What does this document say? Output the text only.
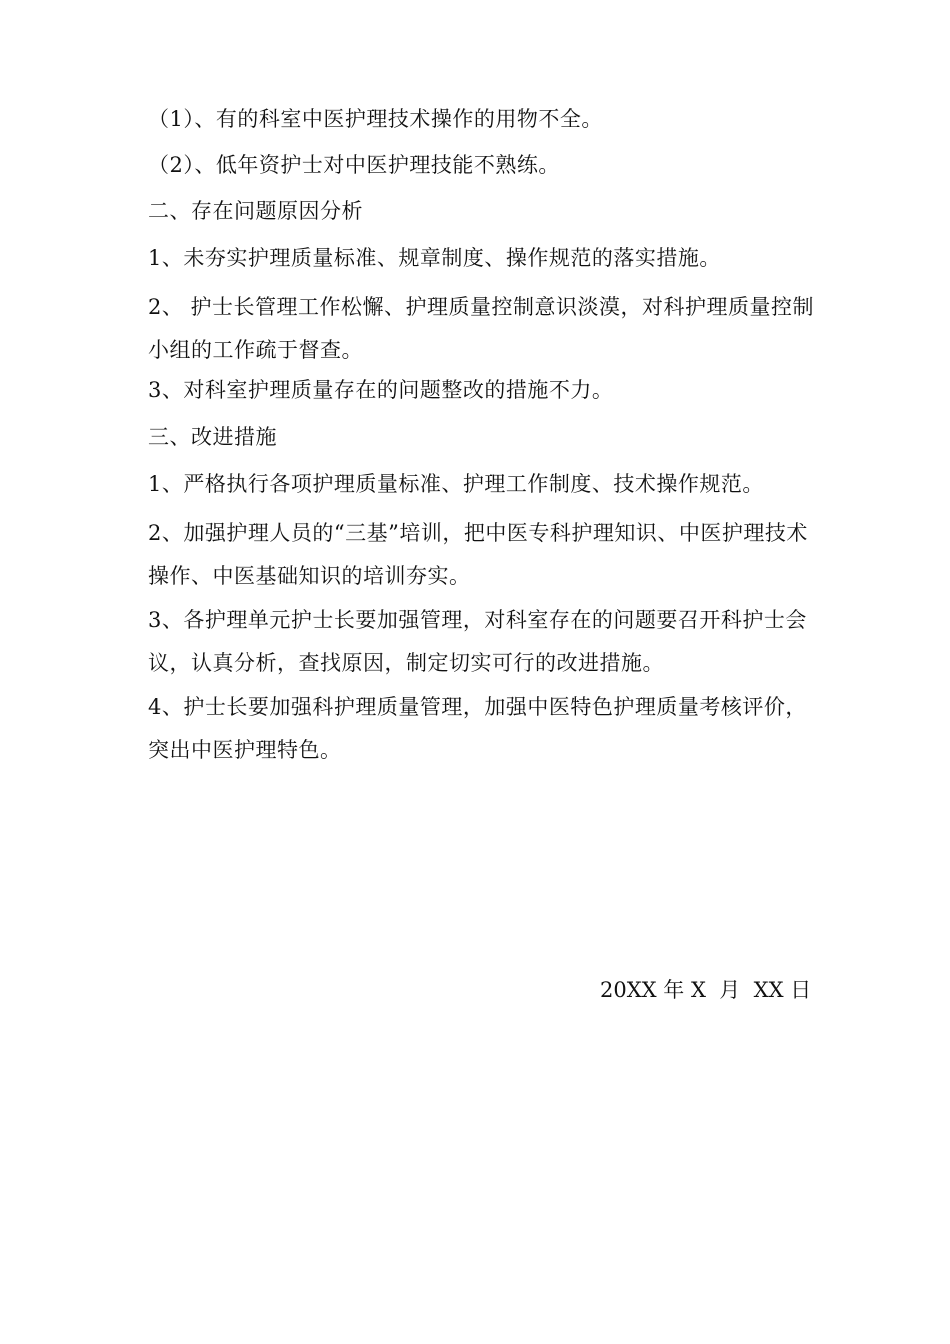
（1）、有的科室中医护理技术操作的用物不全。

（2）、低年资护士对中医护理技能不熟练。

二、存在问题原因分析

1、未夯实护理质量标准、规章制度、操作规范的落实措施。

2、 护士长管理工作松懈、护理质量控制意识淡漠，对科护理质量控制小组的工作疏于督查。

3、对科室护理质量存在的问题整改的措施不力。

三、改进措施

1、严格执行各项护理质量标准、护理工作制度、技术操作规范。

2、加强护理人员的“三基”培训，把中医专科护理知识、中医护理技术操作、中医基础知识的培训夯实。

3、各护理单元护士长要加强管理，对科室存在的问题要召开科护士会议，认真分析，查找原因，制定切实可行的改进措施。

4、护士长要加强科护理质量管理，加强中医特色护理质量考核评价，突出中医护理特色。

20XX 年 X  月  XX 日
